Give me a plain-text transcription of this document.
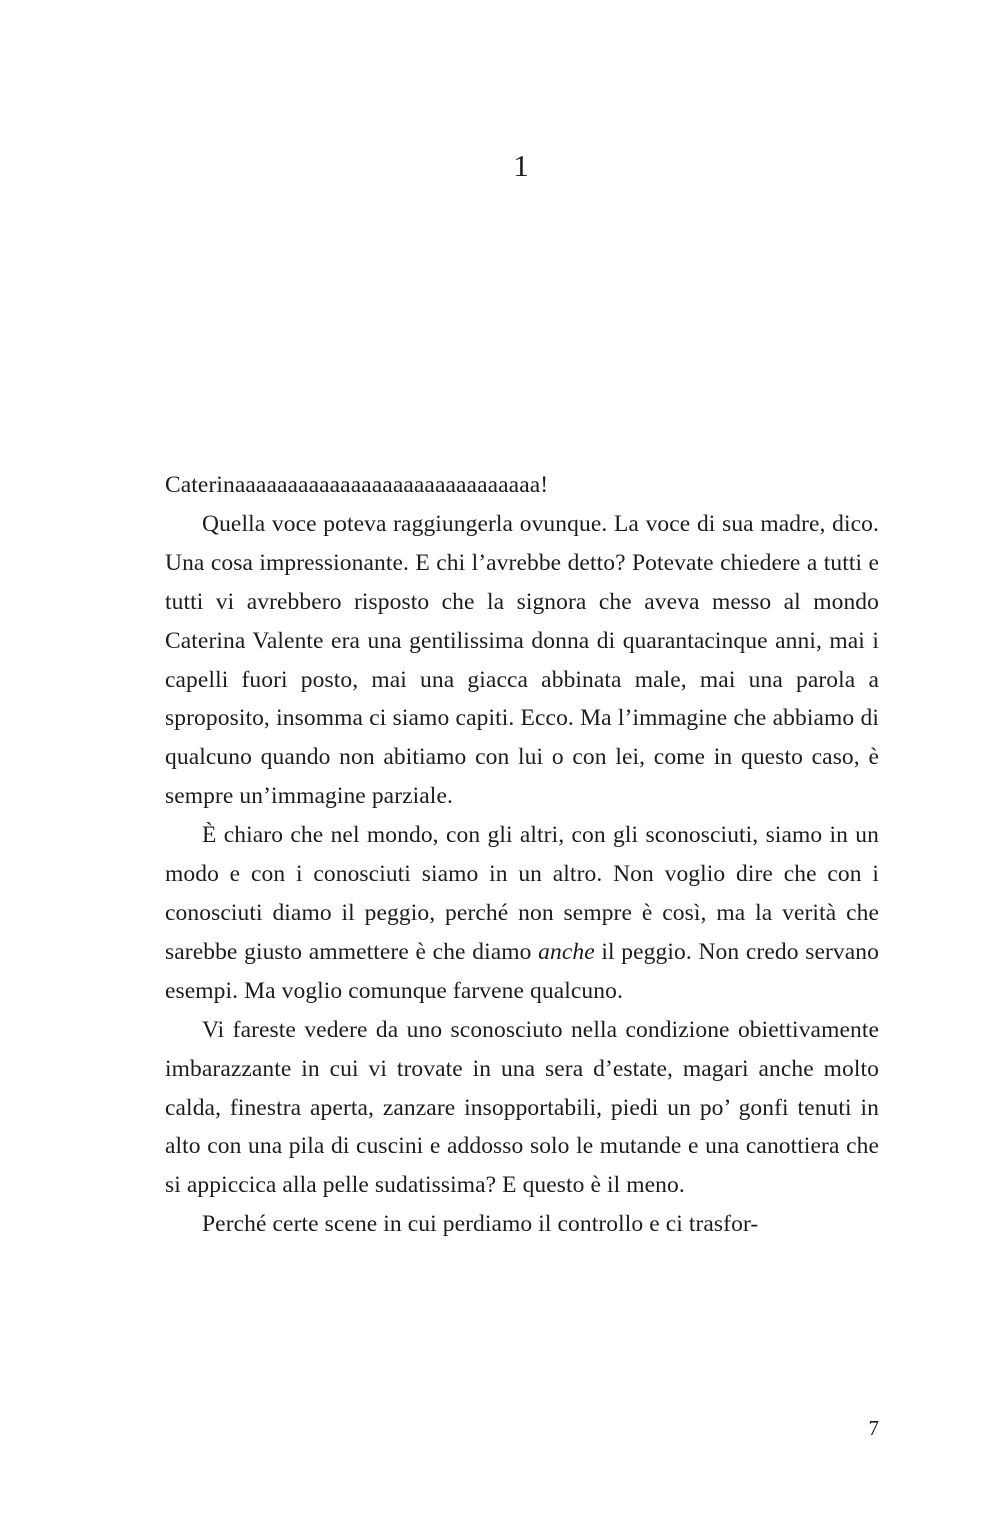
1

Caterinaaaaaaaaaaaaaaaaaaaaaaaaaaaaa!

Quella voce poteva raggiungerla ovunque. La voce di sua madre, dico. Una cosa impressionante. E chi l’avrebbe detto? Potevate chiedere a tutti e tutti vi avrebbero risposto che la signora che aveva messo al mondo Caterina Valente era una gentilissima donna di quarantacinque anni, mai i capelli fuori posto, mai una giacca abbinata male, mai una parola a sproposito, insomma ci siamo capiti. Ecco. Ma l’immagine che abbiamo di qualcuno quando non abitiamo con lui o con lei, come in questo caso, è sempre un’immagine parziale.

È chiaro che nel mondo, con gli altri, con gli sconosciuti, siamo in un modo e con i conosciuti siamo in un altro. Non voglio dire che con i conosciuti diamo il peggio, perché non sempre è così, ma la verità che sarebbe giusto ammettere è che diamo anche il peggio. Non credo servano esempi. Ma voglio comunque farvene qualcuno.

Vi fareste vedere da uno sconosciuto nella condizione obiettivamente imbarazzante in cui vi trovate in una sera d’estate, magari anche molto calda, finestra aperta, zanzare insopportabili, piedi un po’ gonfi tenuti in alto con una pila di cuscini e addosso solo le mutande e una canottiera che si appiccica alla pelle sudatissima? E questo è il meno.

Perché certe scene in cui perdiamo il controllo e ci trasfor-

7
